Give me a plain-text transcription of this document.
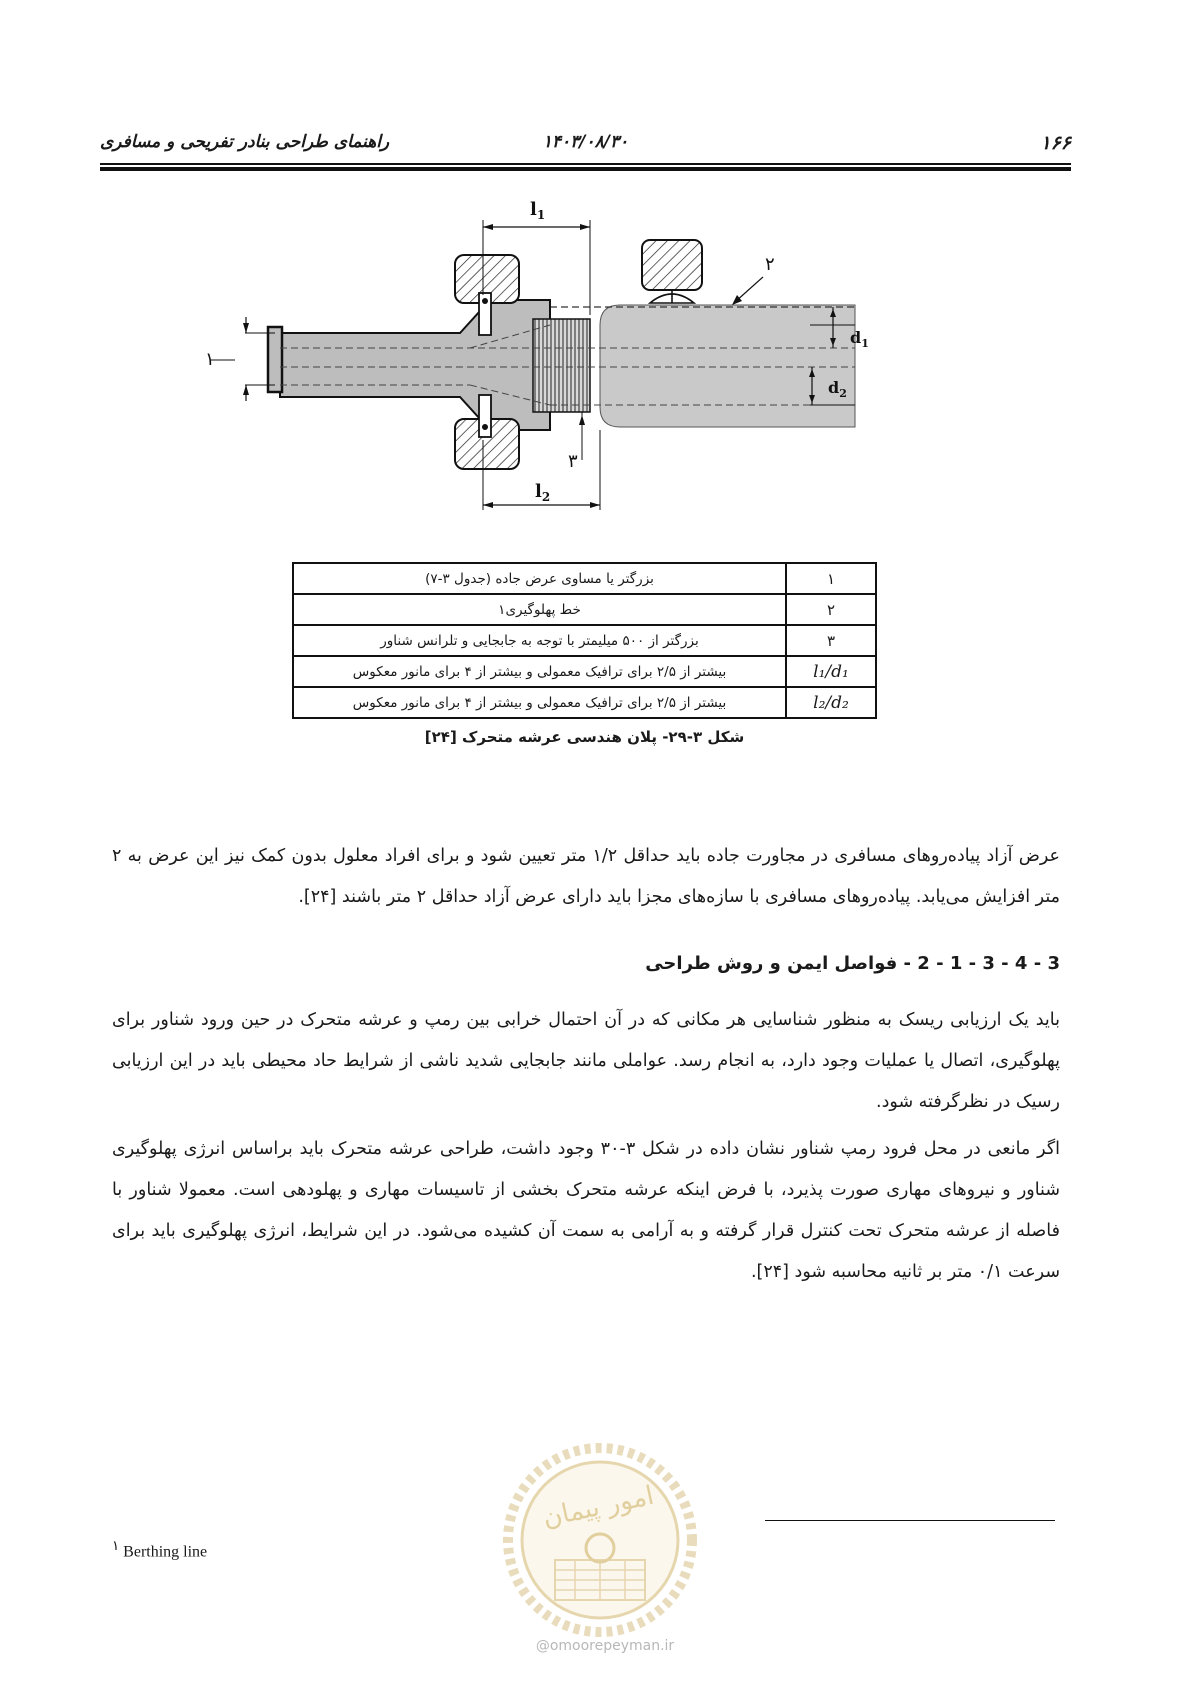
۱۶۶
۱۴۰۳/۰۸/۳۰
راهنمای طراحی بنادر تفریحی و مسافری
$l_1$
$l_2$
۱
۳
۲
$d_1$
$d_2$
۱	بزرگتر یا مساوی عرض جاده (جدول ۳-۷)
۲	خط پهلوگیری۱
۳	بزرگتر از ۵۰۰ میلیمتر با توجه به جابجایی و تلرانس شناور
l₁/d₁	بیشتر از ۲/۵ برای ترافیک معمولی و بیشتر از ۴ برای مانور معکوس
l₂/d₂	بیشتر از ۲/۵ برای ترافیک معمولی و بیشتر از ۴ برای مانور معکوس
شکل ۳-۲۹- پلان هندسی عرشه متحرک [۲۴]

عرض آزاد پیاده‌روهای مسافری در مجاورت جاده باید حداقل ۱/۲ متر تعیین شود و برای افراد معلول بدون کمک نیز این عرض به ۲ متر افزایش می‌یابد. پیاده‌روهای مسافری با سازه‌های مجزا باید دارای عرض آزاد حداقل ۲ متر باشند [۲۴].

3 - 4 - 3 - 1 - 2 - فواصل ایمن و روش طراحی

باید یک ارزیابی ریسک به منظور شناسایی هر مکانی که در آن احتمال خرابی بین رمپ و عرشه متحرک در حین ورود شناور برای پهلوگیری، اتصال یا عملیات وجود دارد، به انجام رسد. عواملی مانند جابجایی شدید ناشی از شرایط حاد محیطی باید در این ارزیابی رسیک در نظرگرفته شود.

اگر مانعی در محل فرود رمپ شناور نشان داده در شکل ۳-۳۰ وجود داشت، طراحی عرشه متحرک باید براساس انرژی پهلوگیری شناور و نیروهای مهاری صورت پذیرد، با فرض اینکه عرشه متحرک بخشی از تاسیسات مهاری و پهلودهی است. معمولا شناور با فاصله از عرشه متحرک تحت کنترل قرار گرفته و به آرامی به سمت آن کشیده می‌شود. در این شرایط، انرژی پهلوگیری باید برای سرعت ۰/۱ متر بر ثانیه محاسبه شود [۲۴].

$^۱$ Berthing line
امور پیمان
@omoorepeyman.ir
